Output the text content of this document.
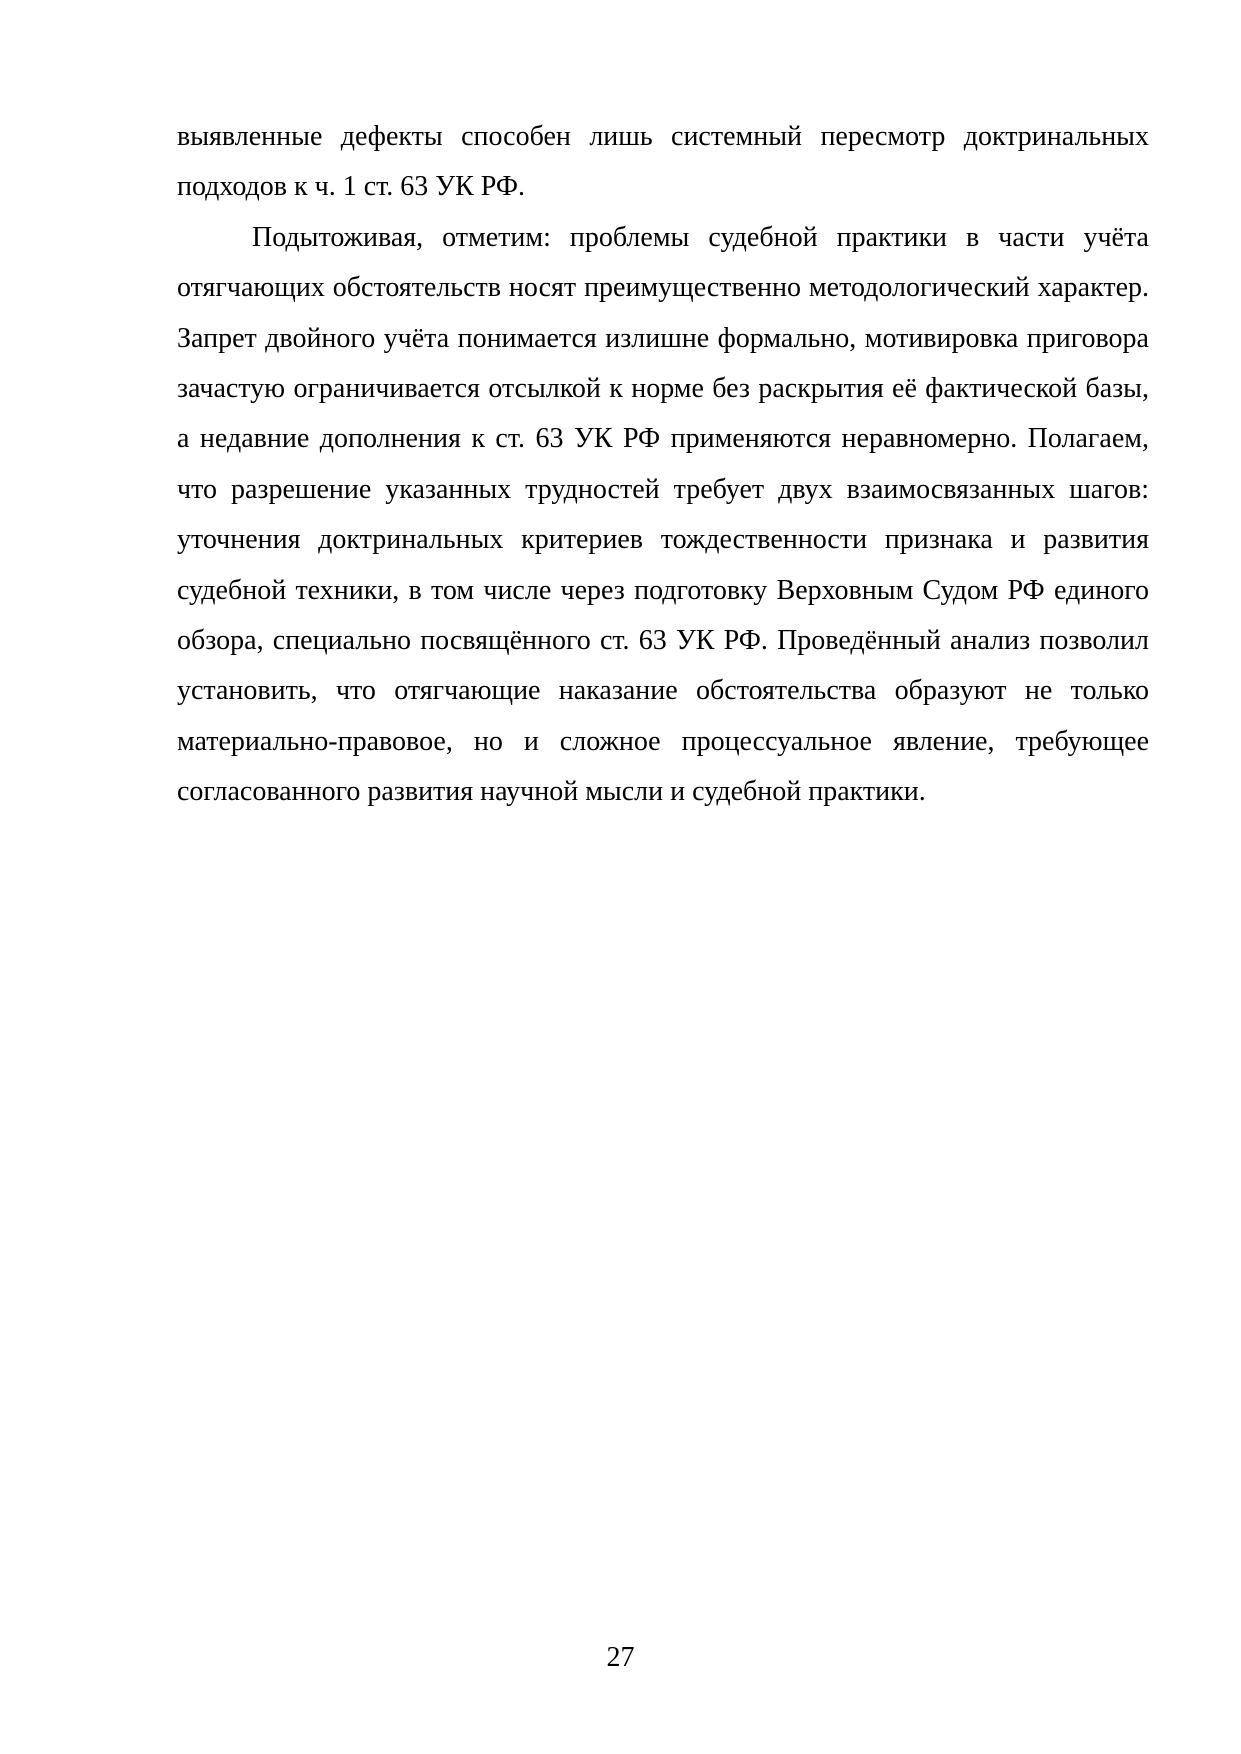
выявленные дефекты способен лишь системный пересмотр доктринальных подходов к ч. 1 ст. 63 УК РФ.

Подытоживая, отметим: проблемы судебной практики в части учёта отягчающих обстоятельств носят преимущественно методологический характер. Запрет двойного учёта понимается излишне формально, мотивировка приговора зачастую ограничивается отсылкой к норме без раскрытия её фактической базы, а недавние дополнения к ст. 63 УК РФ применяются неравномерно. Полагаем, что разрешение указанных трудностей требует двух взаимосвязанных шагов: уточнения доктринальных критериев тождественности признака и развития судебной техники, в том числе через подготовку Верховным Судом РФ единого обзора, специально посвящённого ст. 63 УК РФ. Проведённый анализ позволил установить, что отягчающие наказание обстоятельства образуют не только материально-правовое, но и сложное процессуальное явление, требующее согласованного развития научной мысли и судебной практики.

27
